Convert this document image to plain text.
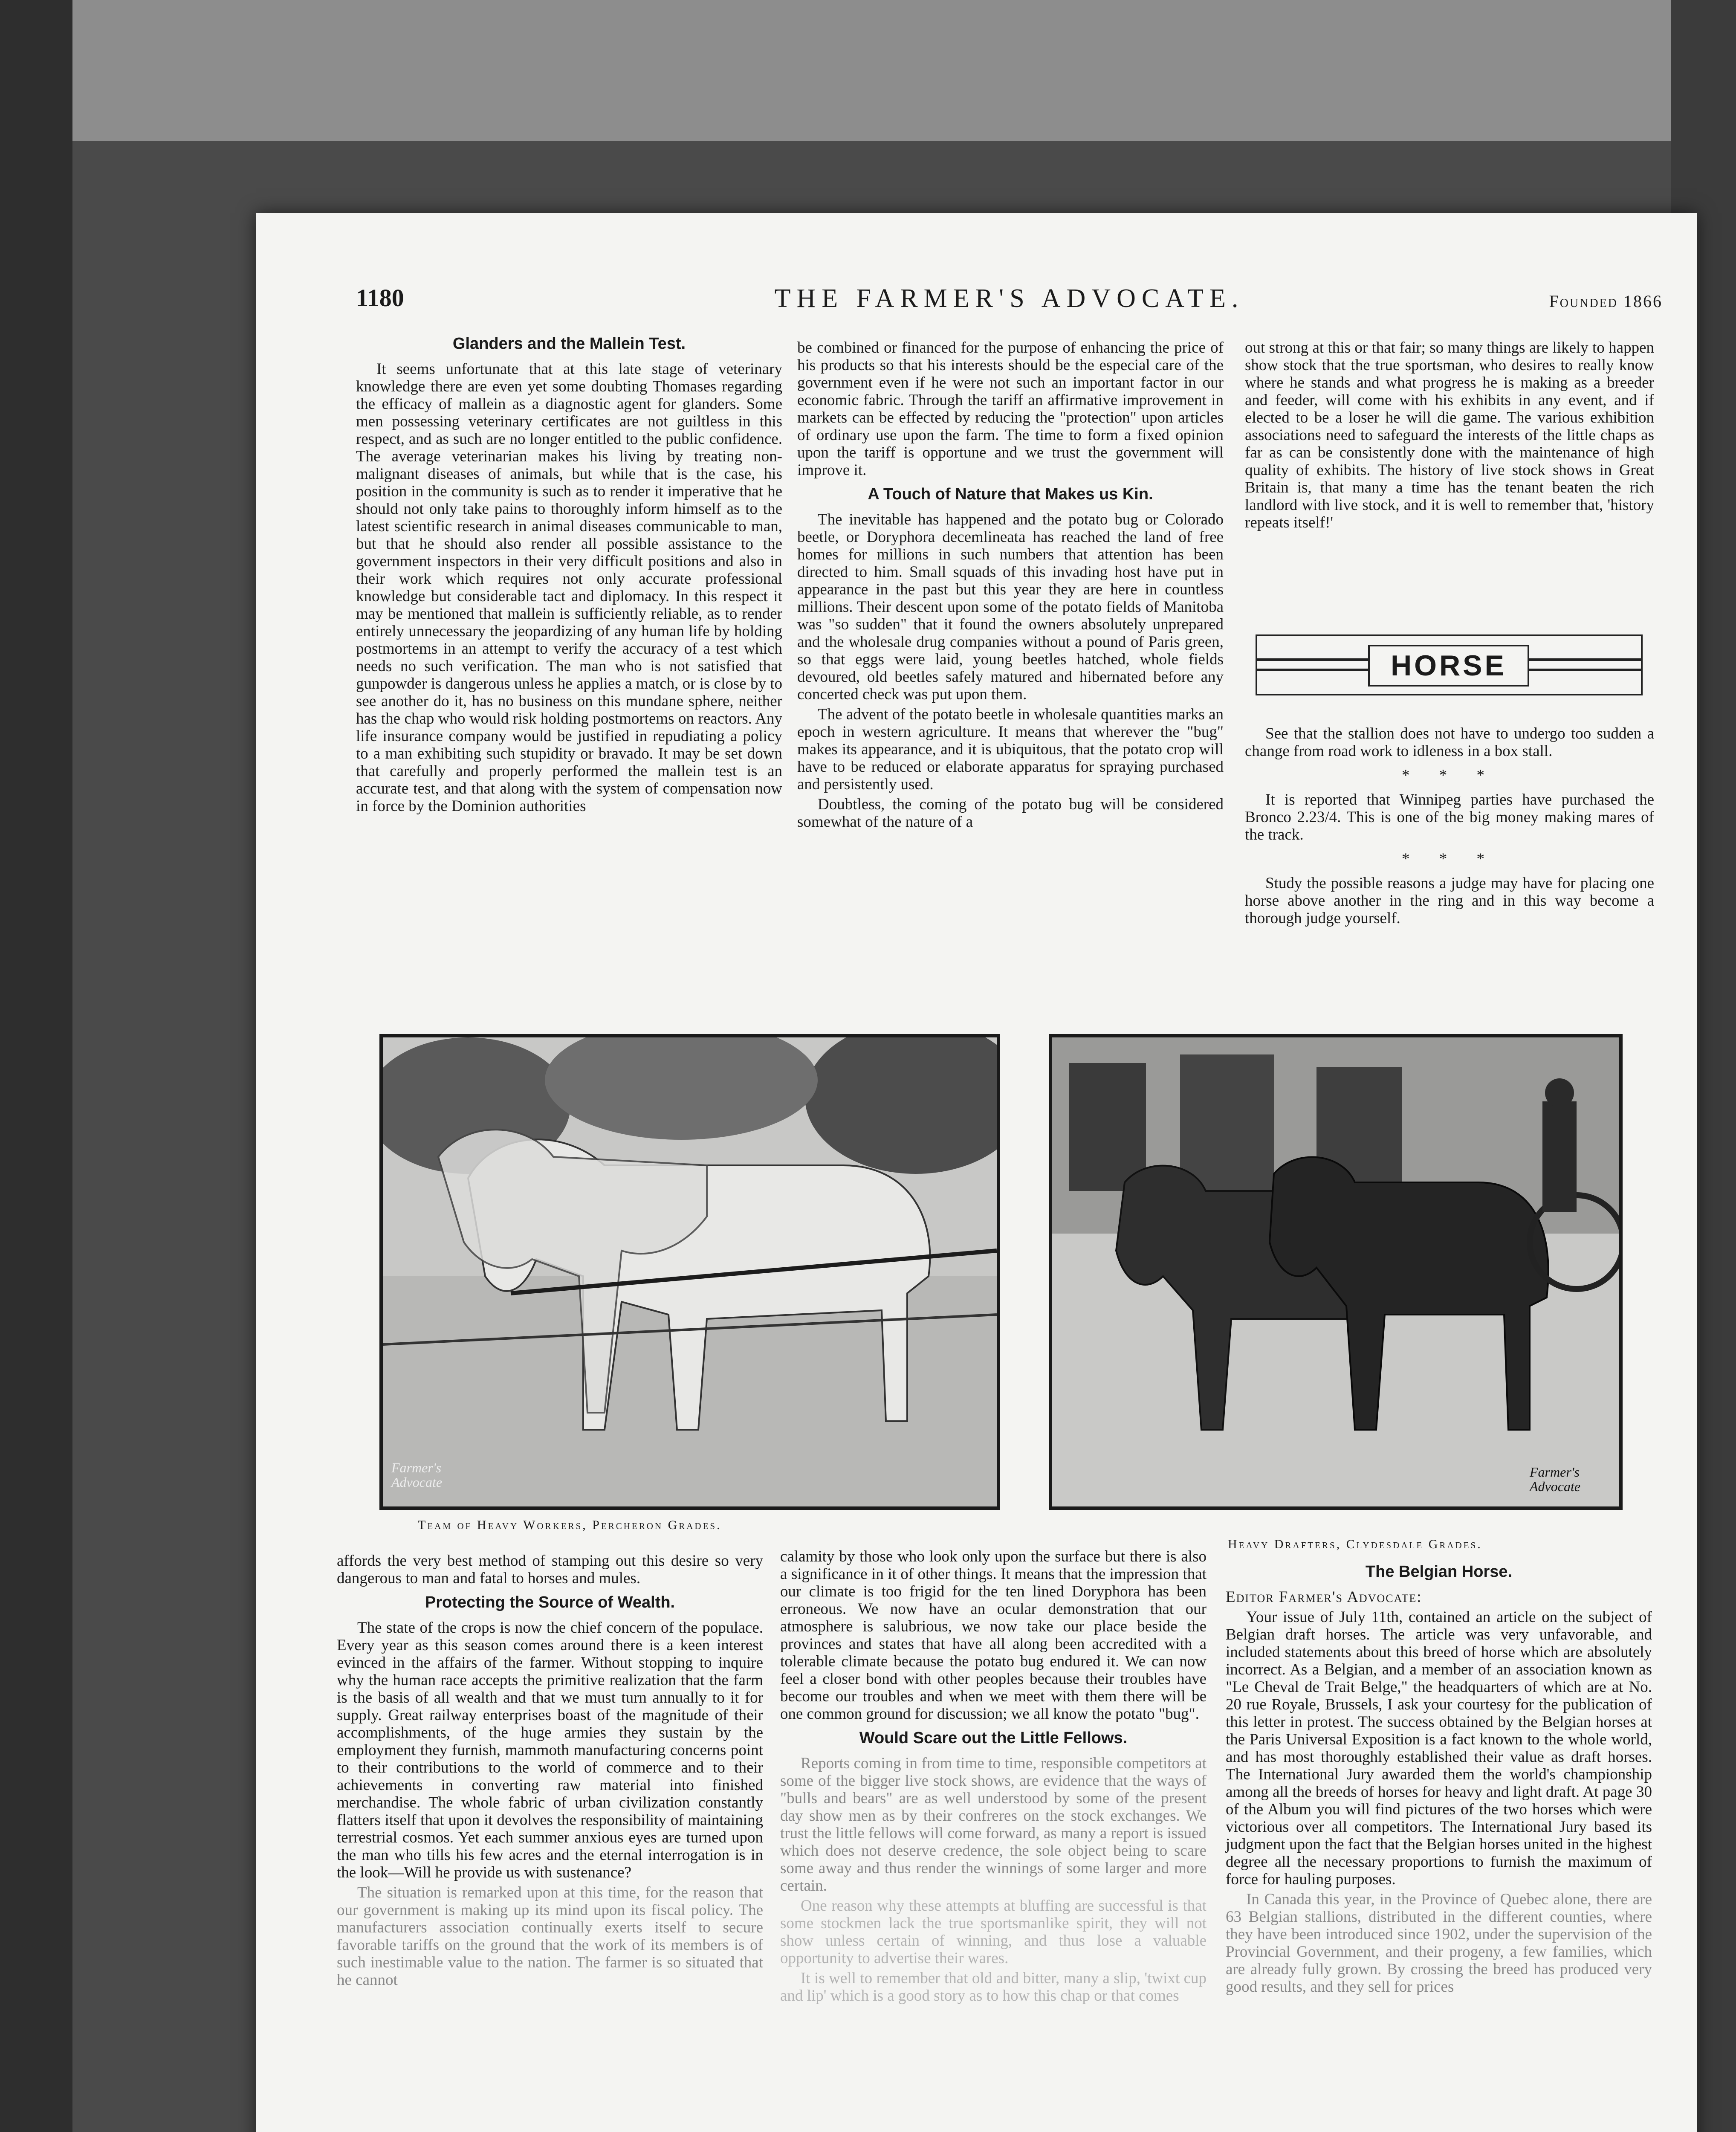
1180	THE FARMER'S ADVOCATE.	Founded 1866
Glanders and the Mallein Test.

It seems unfortunate that at this late stage of veterinary knowledge there are even yet some doubting Thomases regarding the efficacy of mallein as a diagnostic agent for glanders. Some men possessing veterinary certificates are not guiltless in this respect, and as such are no longer entitled to the public confidence. The average veterinarian makes his living by treating non-malignant diseases of animals, but while that is the case, his position in the community is such as to render it imperative that he should not only take pains to thoroughly inform himself as to the latest scientific research in animal diseases communicable to man, but that he should also render all possible assistance to the government inspectors in their very difficult positions and also in their work which requires not only accurate professional knowledge but considerable tact and diplomacy. In this respect it may be mentioned that mallein is sufficiently reliable, as to render entirely unnecessary the jeopardizing of any human life by holding postmortems in an attempt to verify the accuracy of a test which needs no such verification. The man who is not satisfied that gunpowder is dangerous unless he applies a match, or is close by to see another do it, has no business on this mundane sphere, neither has the chap who would risk holding postmortems on reactors. Any life insurance company would be justified in repudiating a policy to a man exhibiting such stupidity or bravado. It may be set down that carefully and properly performed the mallein test is an accurate test, and that along with the system of compensation now in force by the Dominion authorities

be combined or financed for the purpose of enhancing the price of his products so that his interests should be the especial care of the government even if he were not such an important factor in our economic fabric. Through the tariff an affirmative improvement in markets can be effected by reducing the "protection" upon articles of ordinary use upon the farm. The time to form a fixed opinion upon the tariff is opportune and we trust the government will improve it.

A Touch of Nature that Makes us Kin.

The inevitable has happened and the potato bug or Colorado beetle, or Doryphora decemlineata has reached the land of free homes for millions in such numbers that attention has been directed to him. Small squads of this invading host have put in appearance in the past but this year they are here in countless millions. Their descent upon some of the potato fields of Manitoba was "so sudden" that it found the owners absolutely unprepared and the wholesale drug companies without a pound of Paris green, so that eggs were laid, young beetles hatched, whole fields devoured, old beetles safely matured and hibernated before any concerted check was put upon them.

The advent of the potato beetle in wholesale quantities marks an epoch in western agriculture. It means that wherever the "bug" makes its appearance, and it is ubiquitous, that the potato crop will have to be reduced or elaborate apparatus for spraying purchased and persistently used.

Doubtless, the coming of the potato bug will be considered somewhat of the nature of a

out strong at this or that fair; so many things are likely to happen show stock that the true sportsman, who desires to really know where he stands and what progress he is making as a breeder and feeder, will come with his exhibits in any event, and if elected to be a loser he will die game. The various exhibition associations need to safeguard the interests of the little chaps as far as can be consistently done with the maintenance of high quality of exhibits. The history of live stock shows in Great Britain is, that many a time has the tenant beaten the rich landlord with live stock, and it is well to remember that, 'history repeats itself!'

HORSE

See that the stallion does not have to undergo too sudden a change from road work to idleness in a box stall.

* * *

It is reported that Winnipeg parties have purchased the Bronco 2.23/4. This is one of the big money making mares of the track.

* * *

Study the possible reasons a judge may have for placing one horse above another in the ring and in this way become a thorough judge yourself.

Farmer's Advocate
Farmer's Advocate
Team of Heavy Workers, Percheron Grades.
Heavy Drafters, Clydesdale Grades.

affords the very best method of stamping out this desire so very dangerous to man and fatal to horses and mules.

Protecting the Source of Wealth.

The state of the crops is now the chief concern of the populace. Every year as this season comes around there is a keen interest evinced in the affairs of the farmer. Without stopping to inquire why the human race accepts the primitive realization that the farm is the basis of all wealth and that we must turn annually to it for supply. Great railway enterprises boast of the magnitude of their accomplishments, of the huge armies they sustain by the employment they furnish, mammoth manufacturing concerns point to their contributions to the world of commerce and to their achievements in converting raw material into finished merchandise. The whole fabric of urban civilization constantly flatters itself that upon it devolves the responsibility of maintaining terrestrial cosmos. Yet each summer anxious eyes are turned upon the man who tills his few acres and the eternal interrogation is in the look—Will he provide us with sustenance?

The situation is remarked upon at this time, for the reason that our government is making up its mind upon its fiscal policy. The manufacturers association continually exerts itself to secure favorable tariffs on the ground that the work of its members is of such inestimable value to the nation. The farmer is so situated that he cannot

calamity by those who look only upon the surface but there is also a significance in it of other things. It means that the impression that our climate is too frigid for the ten lined Doryphora has been erroneous. We now have an ocular demonstration that our atmosphere is salubrious, we now take our place beside the provinces and states that have all along been accredited with a tolerable climate because the potato bug endured it. We can now feel a closer bond with other peoples because their troubles have become our troubles and when we meet with them there will be one common ground for discussion; we all know the potato "bug".

Would Scare out the Little Fellows.

Reports coming in from time to time, responsible competitors at some of the bigger live stock shows, are evidence that the ways of "bulls and bears" are as well understood by some of the present day show men as by their confreres on the stock exchanges. We trust the little fellows will come forward, as many a report is issued which does not deserve credence, the sole object being to scare some away and thus render the winnings of some larger and more certain.

One reason why these attempts at bluffing are successful is that some stockmen lack the true sportsmanlike spirit, they will not show unless certain of winning, and thus lose a valuable opportunity to advertise their wares.

It is well to remember that old and bitter, many a slip, 'twixt cup and lip' which is a good story as to how this chap or that comes

The Belgian Horse.

Editor Farmer's Advocate:

Your issue of July 11th, contained an article on the subject of Belgian draft horses. The article was very unfavorable, and included statements about this breed of horse which are absolutely incorrect. As a Belgian, and a member of an association known as "Le Cheval de Trait Belge," the headquarters of which are at No. 20 rue Royale, Brussels, I ask your courtesy for the publication of this letter in protest. The success obtained by the Belgian horses at the Paris Universal Exposition is a fact known to the whole world, and has most thoroughly established their value as draft horses. The International Jury awarded them the world's championship among all the breeds of horses for heavy and light draft. At page 30 of the Album you will find pictures of the two horses which were victorious over all competitors. The International Jury based its judgment upon the fact that the Belgian horses united in the highest degree all the necessary proportions to furnish the maximum of force for hauling purposes.

In Canada this year, in the Province of Quebec alone, there are 63 Belgian stallions, distributed in the different counties, where they have been introduced since 1902, under the supervision of the Provincial Government, and their progeny, a few families, which are already fully grown. By crossing the breed has produced very good results, and they sell for prices
